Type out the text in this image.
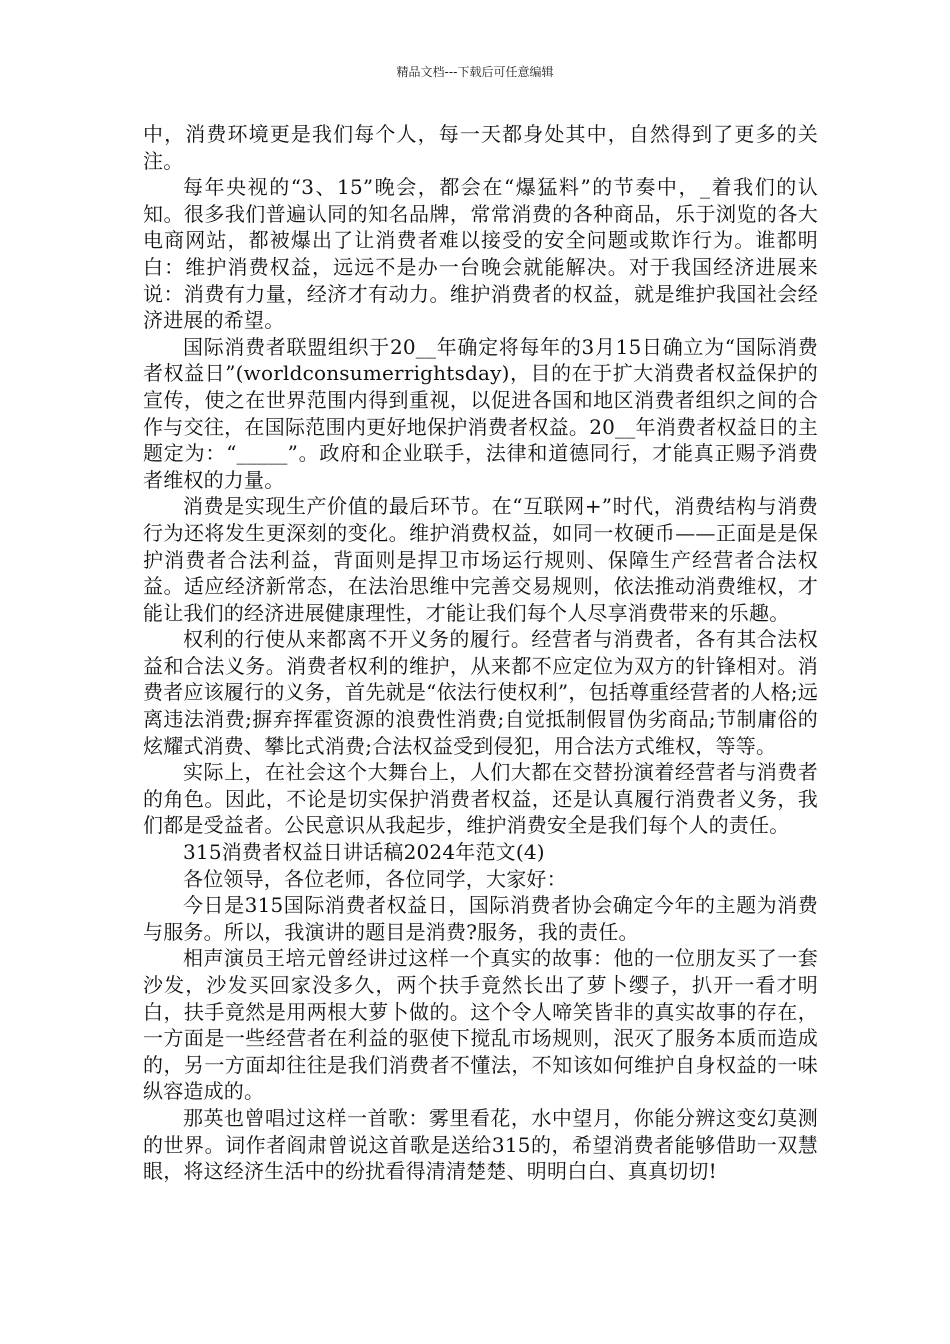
精品文档---下载后可任意编辑

中，消费环境更是我们每个人，每一天都身处其中，自然得到了更多的关注。

每年央视的“3、15”晚会，都会在“爆猛料”的节奏中，_着我们的认知。很多我们普遍认同的知名品牌，常常消费的各种商品，乐于浏览的各大电商网站，都被爆出了让消费者难以接受的安全问题或欺诈行为。谁都明白：维护消费权益，远远不是办一台晚会就能解决。对于我国经济进展来说：消费有力量，经济才有动力。维护消费者的权益，就是维护我国社会经济进展的希望。

国际消费者联盟组织于20__年确定将每年的3月15日确立为“国际消费者权益日”(worldconsumerrightsday)，目的在于扩大消费者权益保护的宣传，使之在世界范围内得到重视，以促进各国和地区消费者组织之间的合作与交往，在国际范围内更好地保护消费者权益。20__年消费者权益日的主题定为：“_____”。政府和企业联手，法律和道德同行，才能真正赐予消费者维权的力量。

消费是实现生产价值的最后环节。在“互联网+”时代，消费结构与消费行为还将发生更深刻的变化。维护消费权益，如同一枚硬币——正面是是保护消费者合法利益，背面则是捍卫市场运行规则、保障生产经营者合法权益。适应经济新常态，在法治思维中完善交易规则，依法推动消费维权，才能让我们的经济进展健康理性，才能让我们每个人尽享消费带来的乐趣。

权利的行使从来都离不开义务的履行。经营者与消费者，各有其合法权益和合法义务。消费者权利的维护，从来都不应定位为双方的针锋相对。消费者应该履行的义务，首先就是“依法行使权利”，包括尊重经营者的人格;远离违法消费;摒弃挥霍资源的浪费性消费;自觉抵制假冒伪劣商品;节制庸俗的炫耀式消费、攀比式消费;合法权益受到侵犯，用合法方式维权，等等。

实际上，在社会这个大舞台上，人们大都在交替扮演着经营者与消费者的角色。因此，不论是切实保护消费者权益，还是认真履行消费者义务，我们都是受益者。公民意识从我起步，维护消费安全是我们每个人的责任。

315消费者权益日讲话稿2024年范文(4)

各位领导，各位老师，各位同学，大家好：

今日是315国际消费者权益日，国际消费者协会确定今年的主题为消费与服务。所以，我演讲的题目是消费?服务，我的责任。

相声演员王培元曾经讲过这样一个真实的故事：他的一位朋友买了一套沙发，沙发买回家没多久，两个扶手竟然长出了萝卜缨子，扒开一看才明白，扶手竟然是用两根大萝卜做的。这个令人啼笑皆非的真实故事的存在，一方面是一些经营者在利益的驱使下搅乱市场规则，泯灭了服务本质而造成的，另一方面却往往是我们消费者不懂法，不知该如何维护自身权益的一味纵容造成的。

那英也曾唱过这样一首歌：雾里看花，水中望月，你能分辨这变幻莫测的世界。词作者阎肃曾说这首歌是送给315的，希望消费者能够借助一双慧眼，将这经济生活中的纷扰看得清清楚楚、明明白白、真真切切!
